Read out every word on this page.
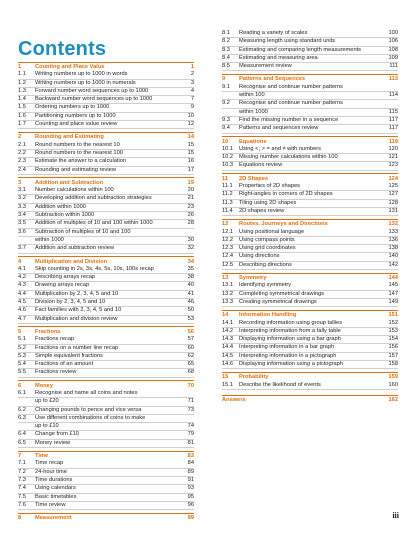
Contents
1	Counting and Place Value	1
1.1	Writing numbers up to 1000 in words	2
1.2	Writing numbers up to 1000 in numerals	3
1.3	Forward number word sequences up to 1000	4
1.4	Backward number word sequences up to 1000	7
1.5	Ordering numbers up to 1000	9
1.6	Partitioning numbers up to 1000	10
1.7	Counting and place value review	12
2	Rounding and Estimating	14
2.1	Round numbers to the nearest 10	15
2.2	Round numbers to the nearest 100	15
2.3	Estimate the answer to a calculation	16
2.4	Rounding and estimating review	17
3	Addition and Subtraction	19
3.1	Number calculations within 100	20
3.2	Developing addition and subtraction strategies	21
3.3	Addition within 1000	23
3.4	Subtraction within 1000	26
3.5	Addition of multiples of 10 and 100 within 1000	28
3.6	Subtraction of multiples of 10 and 100
within 1000	30
3.7	Addition and subtraction review	32
4	Multiplication and Division	34
4.1	Skip counting in 2s, 3s, 4s, 5s, 10s, 100s recap	35
4.2	Describing arrays recap	38
4.3	Drawing arrays recap	40
4.4	Multiplication by 2, 3, 4, 5 and 10	41
4.5	Division by 2, 3, 4, 5 and 10	46
4.6	Fact families with 2, 3, 4, 5 and 10	50
4.7	Multiplication and division review	53
5	Fractions	56
5.1	Fractions recap	57
5.2	Fractions on a number line recap	60
5.3	Simple equivalent fractions	62
5.4	Fractions of an amount	65
5.5	Fractions review	68
6	Money	70
6.1	Recognise and name all coins and notes
up to £20	71
6.2	Changing pounds to pence and vice versa	73
6.3	Use different combinations of coins to make
up to £10	74
6.4	Change from £10	79
6.5	Money review	81
7	Time	83
7.1	Time recap	84
7.2	24-hour time	89
7.3	Time durations	91
7.4	Using calendars	93
7.5	Basic timetables	95
7.6	Time review	96
8	Measurement	99
8.1	Reading a variety of scales	100
8.2	Measuring length using standard units	106
8.3	Estimating and comparing length measurements	108
8.4	Estimating and measuring area	109
8.5	Measurement review	111
9	Patterns and Sequences	113
9.1	Recognise and continue number patterns
within 100	114
9.2	Recognise and continue number patterns
within 1000	115
9.3	Find the missing number in a sequence	117
9.4	Patterns and sequences review	117
10	Equations	119
10.1	Using <, > = and ≠ with numbers	120
10.2	Missing number calculations within 100	121
10.3	Equations review	123
11	2D Shapes	124
11.1	Properties of 2D shapes	125
11.2	Right-angles in corners of 2D shapes	127
11.3	Tiling using 2D shapes	128
11.4	2D shapes review	131
12	Routes, Journeys and Directions	132
12.1	Using positional language	133
12.2	Using compass points	136
12.3	Using grid coordinates	138
12.4	Using directions	140
12.5	Describing directions	142
13	Symmetry	144
13.1	Identifying symmetry	145
13.2	Completing symmetrical drawings	147
13.3	Creating symmetrical drawings	149
14	Information Handling	151
14.1	Recording information using group tallies	152
14.2	Interpreting information from a tally table	153
14.3	Displaying information using a bar graph	154
14.4	Interpreting information in a bar graph	156
14.5	Interpreting information in a pictograph	157
14.6	Displaying information using a pictograph	158
15	Probability	159
15.1	Describe the likelihood of events	160
Answers	162
iii
